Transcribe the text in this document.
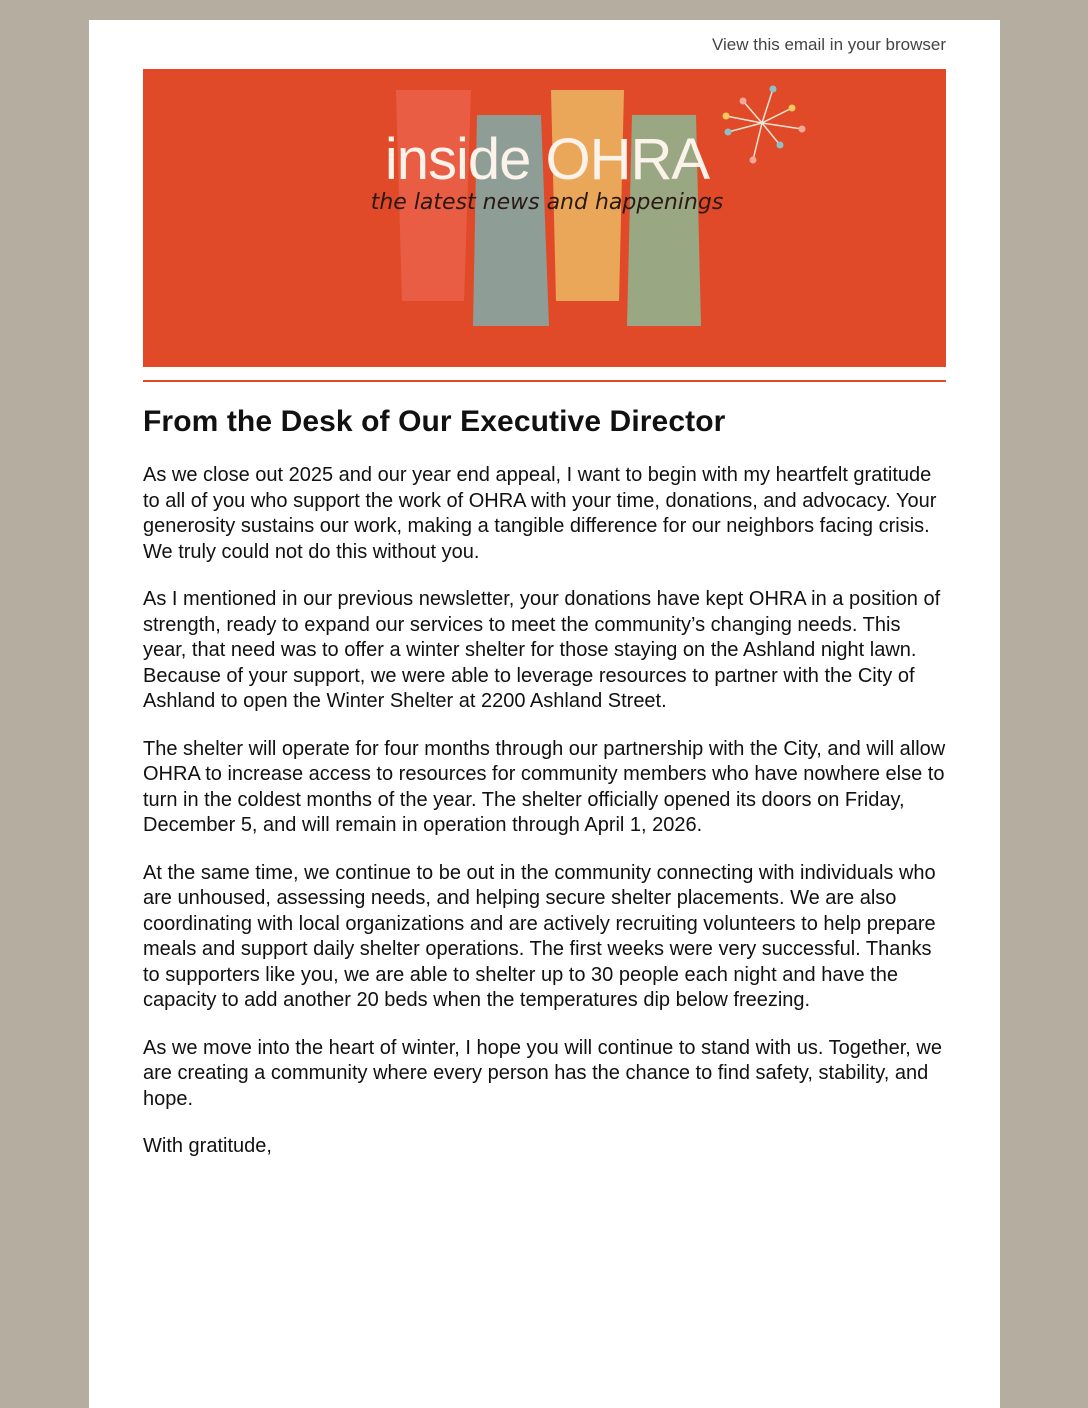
View this email in your browser
inside OHRA
the latest news and happenings
From the Desk of Our Executive Director

As we close out 2025 and our year end appeal, I want to begin with my heartfelt gratitude to all of you who support the work of OHRA with your time, donations, and advocacy. Your generosity sustains our work, making a tangible difference for our neighbors facing crisis. We truly could not do this without you.

As I mentioned in our previous newsletter, your donations have kept OHRA in a position of strength, ready to expand our services to meet the community’s changing needs. This year, that need was to offer a winter shelter for those staying on the Ashland night lawn. Because of your support, we were able to leverage resources to partner with the City of Ashland to open the Winter Shelter at 2200 Ashland Street.

The shelter will operate for four months through our partnership with the City, and will allow OHRA to increase access to resources for community members who have nowhere else to turn in the coldest months of the year. The shelter officially opened its doors on Friday, December 5, and will remain in operation through April 1, 2026.

At the same time, we continue to be out in the community connecting with individuals who are unhoused, assessing needs, and helping secure shelter placements. We are also coordinating with local organizations and are actively recruiting volunteers to help prepare meals and support daily shelter operations. The first weeks were very successful. Thanks to supporters like you, we are able to shelter up to 30 people each night and have the capacity to add another 20 beds when the temperatures dip below freezing.

As we move into the heart of winter, I hope you will continue to stand with us. Together, we are creating a community where every person has the chance to find safety, stability, and hope.

With gratitude,
